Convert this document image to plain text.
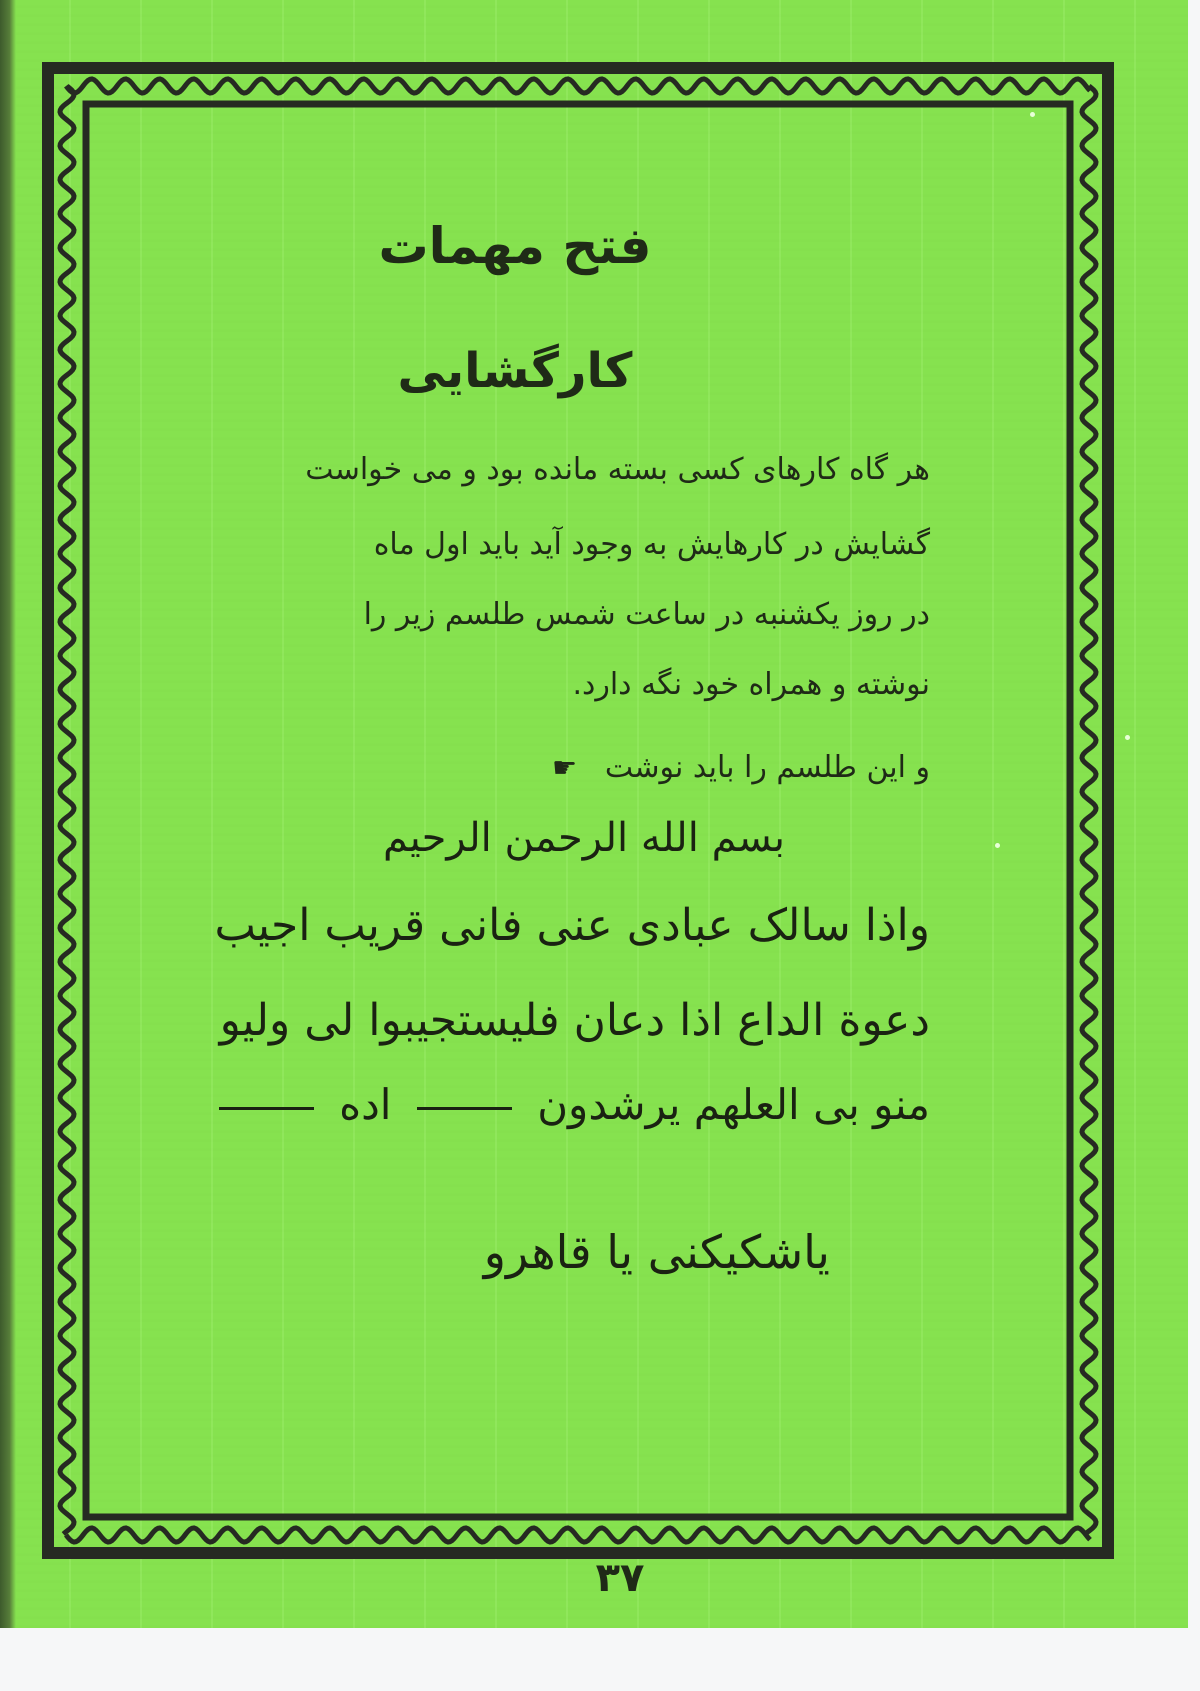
فتح مهمات
کارگشایی
هر گاه کارهای کسی بسته مانده بود و می خواست
گشایش در کارهایش به وجود آید باید اول ماه
در روز یکشنبه در ساعت شمس طلسم زیر را
نوشته و همراه خود نگه دارد.
و این طلسم را باید نوشت ☚
بسم الله الرحمن الرحیم
واذا سالک عبادی عنی فانی قریب اجیب
دعوة الداع اذا دعان فلیستجیبوا لی ولیو
منو بی العلهم یرشدون  اده
یاشکیکنی یا قاهرو
۳۷
